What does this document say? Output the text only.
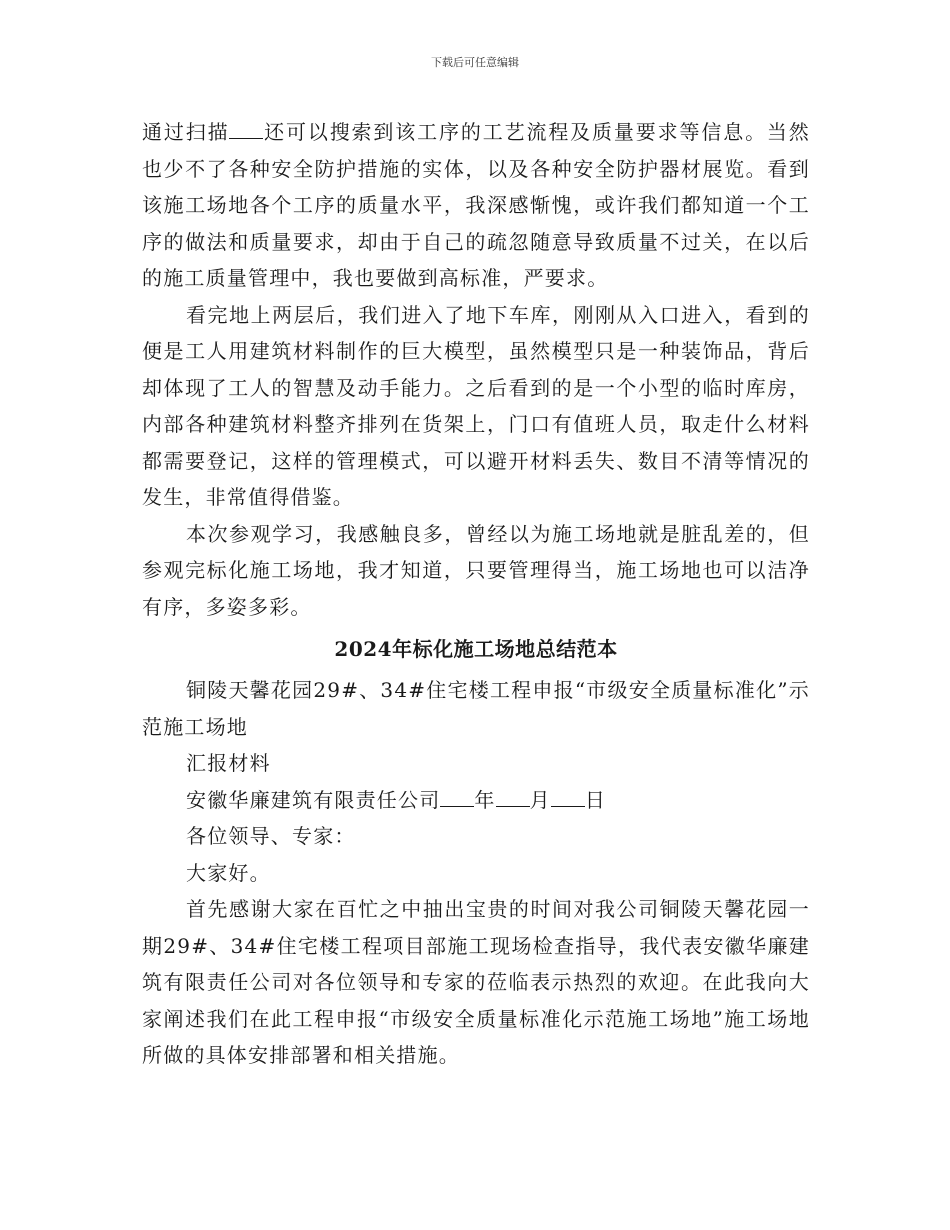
下载后可任意编辑

通过扫描 还可以搜索到该工序的工艺流程及质量要求等信息。当然也少不了各种安全防护措施的实体，以及各种安全防护器材展览。看到该施工场地各个工序的质量水平，我深感惭愧，或许我们都知道一个工序的做法和质量要求，却由于自己的疏忽随意导致质量不过关，在以后的施工质量管理中，我也要做到高标准，严要求。

看完地上两层后，我们进入了地下车库，刚刚从入口进入，看到的便是工人用建筑材料制作的巨大模型，虽然模型只是一种装饰品，背后却体现了工人的智慧及动手能力。之后看到的是一个小型的临时库房，内部各种建筑材料整齐排列在货架上，门口有值班人员，取走什么材料都需要登记，这样的管理模式，可以避开材料丢失、数目不清等情况的发生，非常值得借鉴。

本次参观学习，我感触良多，曾经以为施工场地就是脏乱差的，但参观完标化施工场地，我才知道，只要管理得当，施工场地也可以洁净有序，多姿多彩。

2024年标化施工场地总结范本

铜陵天馨花园29#、34#住宅楼工程申报“市级安全质量标准化”示范施工场地

汇报材料

安徽华廉建筑有限责任公司 年 月 日

各位领导、专家：

大家好。

首先感谢大家在百忙之中抽出宝贵的时间对我公司铜陵天馨花园一期29#、34#住宅楼工程项目部施工现场检查指导，我代表安徽华廉建筑有限责任公司对各位领导和专家的莅临表示热烈的欢迎。在此我向大家阐述我们在此工程申报“市级安全质量标准化示范施工场地”施工场地所做的具体安排部署和相关措施。
